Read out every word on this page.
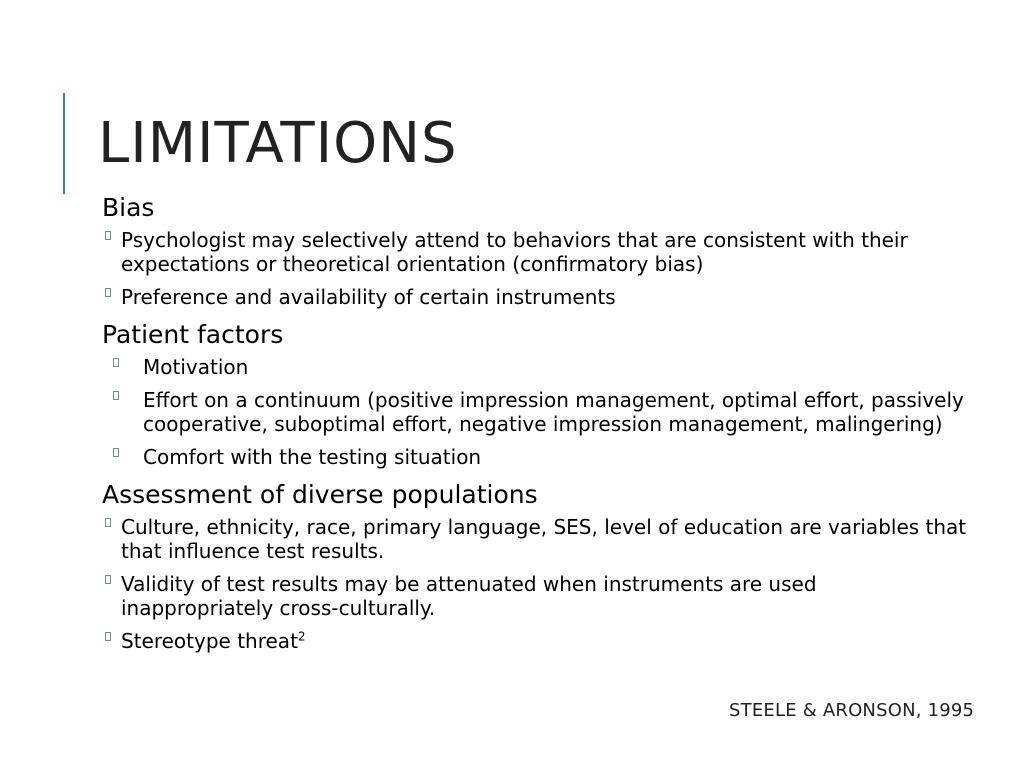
LIMITATIONS
Bias
Psychologist may selectively attend to behaviors that are consistent with their expectations or theoretical orientation (confirmatory bias)
Preference and availability of certain instruments
Patient factors
Motivation
Effort on a continuum (positive impression management, optimal effort, passively cooperative, suboptimal effort, negative impression management, malingering)
Comfort with the testing situation
Assessment of diverse populations
Culture, ethnicity, race, primary language, SES, level of education are variables that that influence test results.
Validity of test results may be attenuated when instruments are used inappropriately cross-culturally.
Stereotype threat$^2$
STEELE & ARONSON, 1995
